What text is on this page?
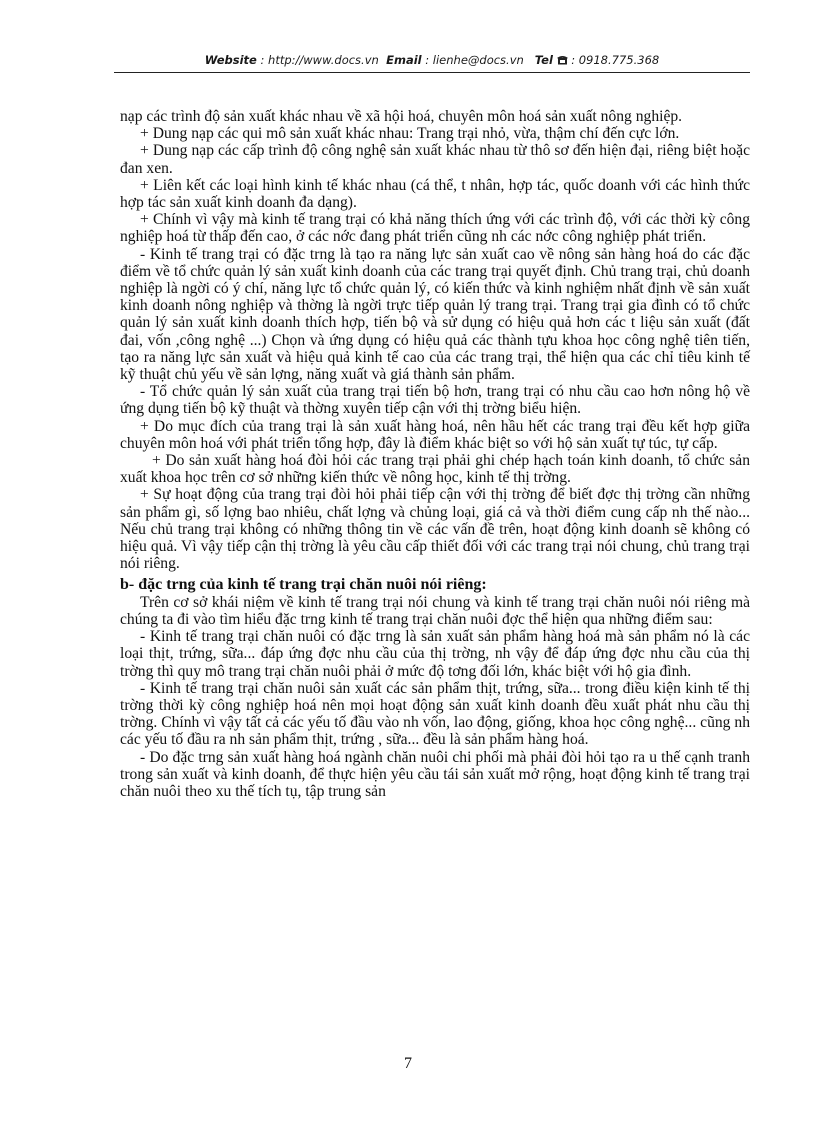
Website : http://www.docs.vn Email : lienhe@docs.vn Tel : 0918.775.368

nạp các trình độ sản xuất khác nhau về xã hội hoá, chuyên môn hoá sản xuất nông nghiệp.

+ Dung nạp các qui mô sản xuất khác nhau: Trang trại nhỏ, vừa, thậm chí đến cực lớn.

+ Dung nạp các cấp trình độ công nghệ sản xuất khác nhau từ thô sơ đến hiện đại, riêng biệt hoặc đan xen.

+ Liên kết các loại hình kinh tế khác nhau (cá thể, t nhân, hợp tác, quốc doanh với các hình thức hợp tác sản xuất kinh doanh đa dạng).

+ Chính vì vậy mà kinh tế trang trại có khả năng thích ứng với các trình độ, với các thời kỳ công nghiệp hoá từ thấp đến cao, ở các nớc đang phát triển cũng nh các nớc công nghiệp phát triển.

- Kinh tế trang trại có đặc trng là tạo ra năng lực sản xuất cao về nông sản hàng hoá do các đặc điểm về tổ chức quản lý sản xuất kinh doanh của các trang trại quyết định. Chủ trang trại, chủ doanh nghiệp là ngời có ý chí, năng lực tổ chức quản lý, có kiến thức và kinh nghiệm nhất định về sản xuất kinh doanh nông nghiệp và thờng là ngời trực tiếp quản lý trang trại. Trang trại gia đình có tổ chức quản lý sản xuất kinh doanh thích hợp, tiến bộ và sử dụng có hiệu quả hơn các t liệu sản xuất (đất đai, vốn ,công nghệ ...) Chọn và ứng dụng có hiệu quả các thành tựu khoa học công nghệ tiên tiến, tạo ra năng lực sản xuất và hiệu quả kinh tế cao của các trang trại, thể hiện qua các chỉ tiêu kinh tế kỹ thuật chủ yếu về sản lợng, năng xuất và giá thành sản phẩm.

- Tổ chức quản lý sản xuất của trang trại tiến bộ hơn, trang trại có nhu cầu cao hơn nông hộ về ứng dụng tiến bộ kỹ thuật và thờng xuyên tiếp cận với thị trờng biểu hiện.

+ Do mục đích của trang trại là sản xuất hàng hoá, nên hầu hết các trang trại đều kết hợp giữa chuyên môn hoá với phát triển tổng hợp, đây là điểm khác biệt so với hộ sản xuất tự túc, tự cấp.

+ Do sản xuất hàng hoá đòi hỏi các trang trại phải ghi chép hạch toán kinh doanh, tổ chức sản xuất khoa học trên cơ sở những kiến thức về nông học, kinh tế thị trờng.

+ Sự hoạt động của trang trại đòi hỏi phải tiếp cận với thị trờng để biết đợc thị trờng cần những sản phẩm gì, số lợng bao nhiêu, chất lợng và chủng loại, giá cả và thời điểm cung cấp nh thế nào... Nếu chủ trang trại không có những thông tin về các vấn đề trên, hoạt động kinh doanh sẽ không có hiệu quả. Vì vậy tiếp cận thị trờng là yêu cầu cấp thiết đối với các trang trại nói chung, chủ trang trại nói riêng.

b- đặc trng của kinh tế trang trại chăn nuôi nói riêng:

Trên cơ sở khái niệm về kinh tế trang trại nói chung và kinh tế trang trại chăn nuôi nói riêng mà chúng ta đi vào tìm hiểu đặc trng kinh tế trang trại chăn nuôi đợc thể hiện qua những điểm sau:

- Kinh tế trang trại chăn nuôi có đặc trng là sản xuất sản phẩm hàng hoá mà sản phẩm nó là các loại thịt, trứng, sữa... đáp ứng đợc nhu cầu của thị trờng, nh vậy để đáp ứng đợc nhu cầu của thị trờng thì quy mô trang trại chăn nuôi phải ở mức độ tơng đối lớn, khác biệt với hộ gia đình.

- Kinh tế trang trại chăn nuôi sản xuất các sản phẩm thịt, trứng, sữa... trong điều kiện kinh tế thị trờng thời kỳ công nghiệp hoá nên mọi hoạt động sản xuất kinh doanh đều xuất phát nhu cầu thị trờng. Chính vì vậy tất cả các yếu tố đầu vào nh vốn, lao động, giống, khoa học công nghệ... cũng nh các yếu tố đầu ra nh sản phẩm thịt, trứng , sữa... đều là sản phẩm hàng hoá.

- Do đặc trng sản xuất hàng hoá ngành chăn nuôi chi phối mà phải đòi hỏi tạo ra u thế cạnh tranh trong sản xuất và kinh doanh, để thực hiện yêu cầu tái sản xuất mở rộng, hoạt động kinh tế trang trại chăn nuôi theo xu thế tích tụ, tập trung sản

7
